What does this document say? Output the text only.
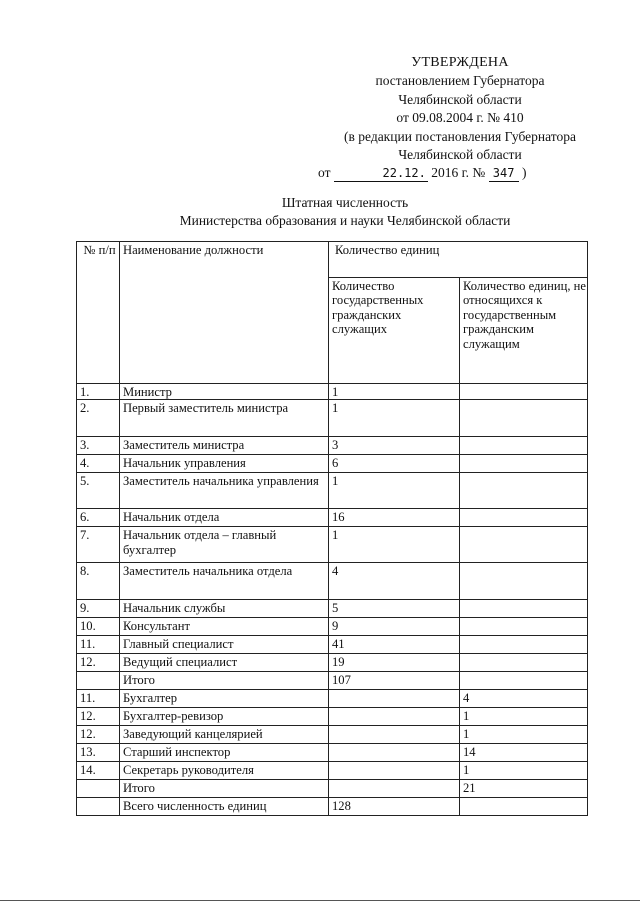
УТВЕРЖДЕНА
постановлением Губернатора
Челябинской области
от 09.08.2004 г. № 410
(в редакции постановления Губернатора
Челябинской области
от	22.12. 2016 г. № 347 )
Штатная численность
Министерства образования и науки Челябинской области
№ п/п	Наименование должности	Количество единиц	
		Количество государственных гражданских служащих	Количество единиц, не относящихся к государственным гражданским служащим
1.	Министр	1	
2.	Первый заместитель министра	1	
3.	Заместитель министра	3	
4.	Начальник управления	6	
5.	Заместитель начальника управления	1	
6.	Начальник отдела	16	
7.	Начальник отдела – главный бухгалтер	1	
8.	Заместитель начальника отдела	4	
9.	Начальник службы	5	
10.	Консультант	9	
11.	Главный специалист	41	
12.	Ведущий специалист	19	
	Итого	107	
11.	Бухгалтер		4
12.	Бухгалтер-ревизор		1
12.	Заведующий канцелярией		1
13.	Старший инспектор		14
14.	Секретарь руководителя		1
	Итого		21
	Всего численность единиц	128	
